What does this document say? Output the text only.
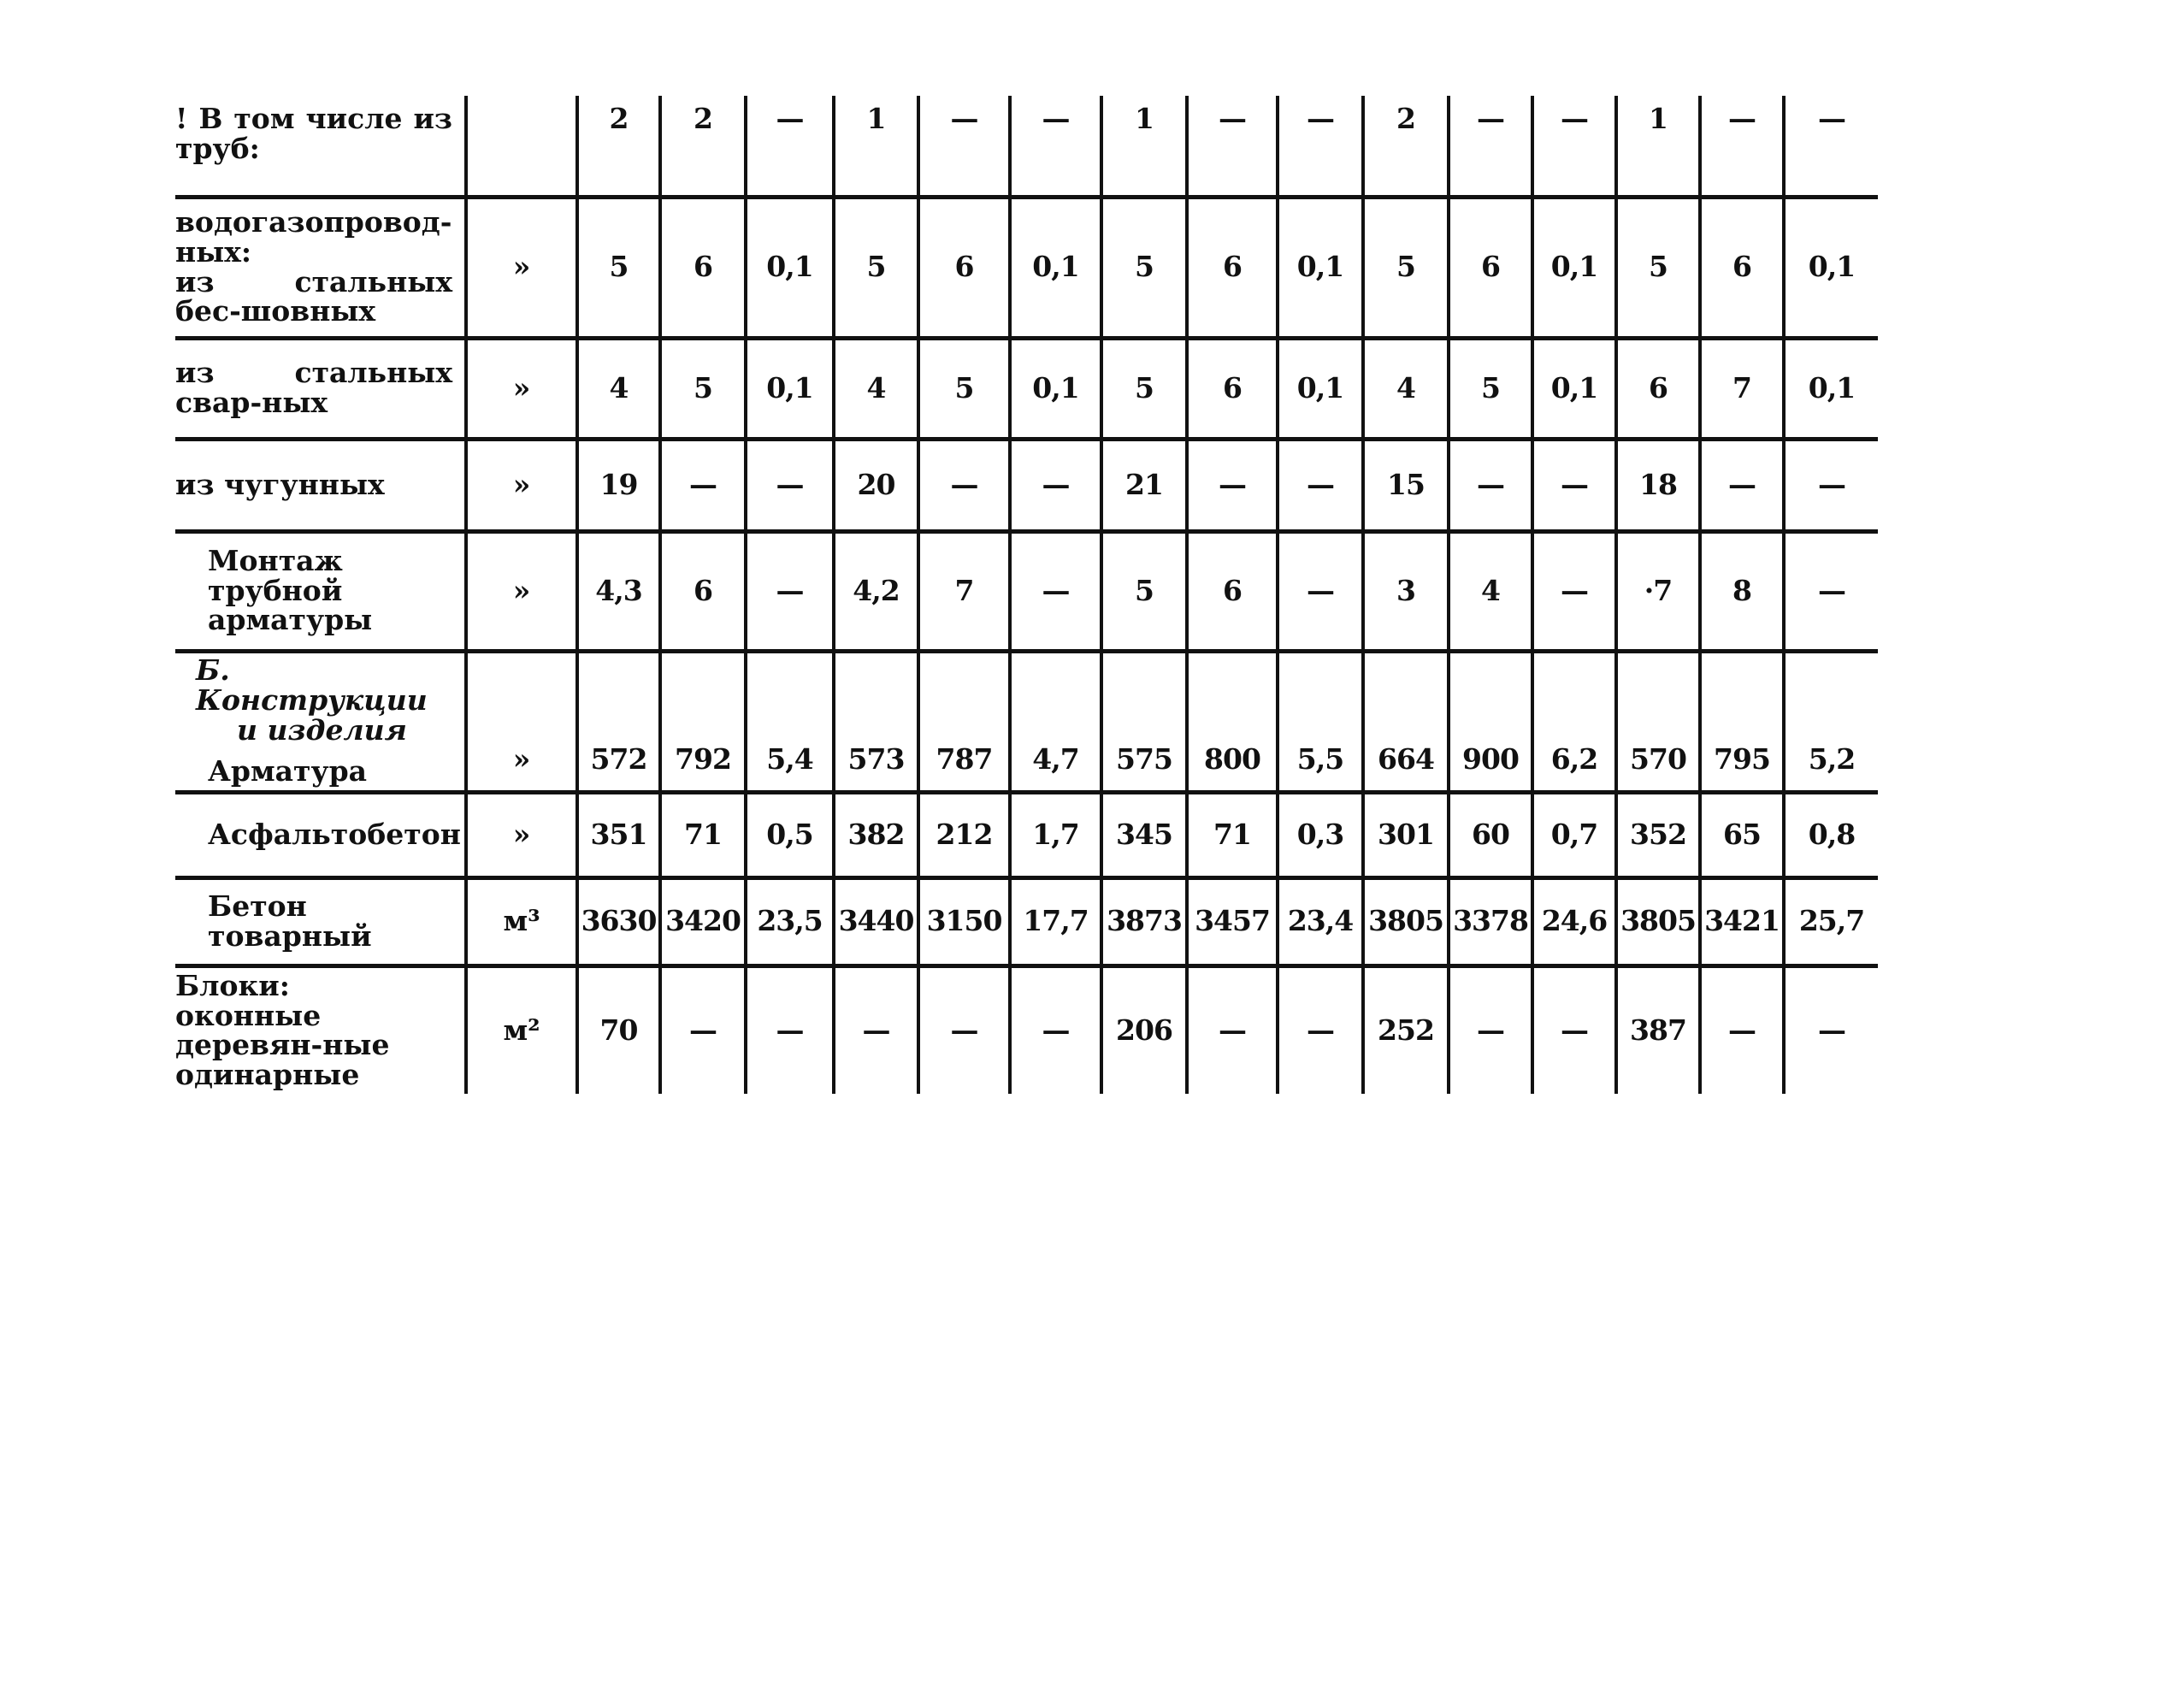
! В том числе из труб:		2	2	—	1	—	—	1	—	—	2	—	—	1	—	—

водогазопровод-ных:
из стальных бес-шовных	»	5	6	0,1	5	6	0,1	5	6	0,1	5	6	0,1	5	6	0,1

из стальных свар-ных	»	4	5	0,1	4	5	0,1	5	6	0,1	4	5	0,1	6	7	0,1

из чугунных	»	19	—	—	20	—	—	21	—	—	15	—	—	18	—	—

Монтаж трубной арматуры	»	4,3	6	—	4,2	7	—	5	6	—	3	4	—	·7	8	—

Б. Конструкции
и изделия
Арматура	»	572	792	5,4	573	787	4,7	575	800	5,5	664	900	6,2	570	795	5,2

Асфальтобетон	»	351	71	0,5	382	212	1,7	345	71	0,3	301	60	0,7	352	65	0,8

Бетон товарный	м³	3630	3420	23,5	3440	3150	17,7	3873	3457	23,4	3805	3378	24,6	3805	3421	25,7

Блоки:
оконные деревян-ные одинарные	м²	70	—	—	—	—	—	206	—	—	252	—	—	387	—	—
